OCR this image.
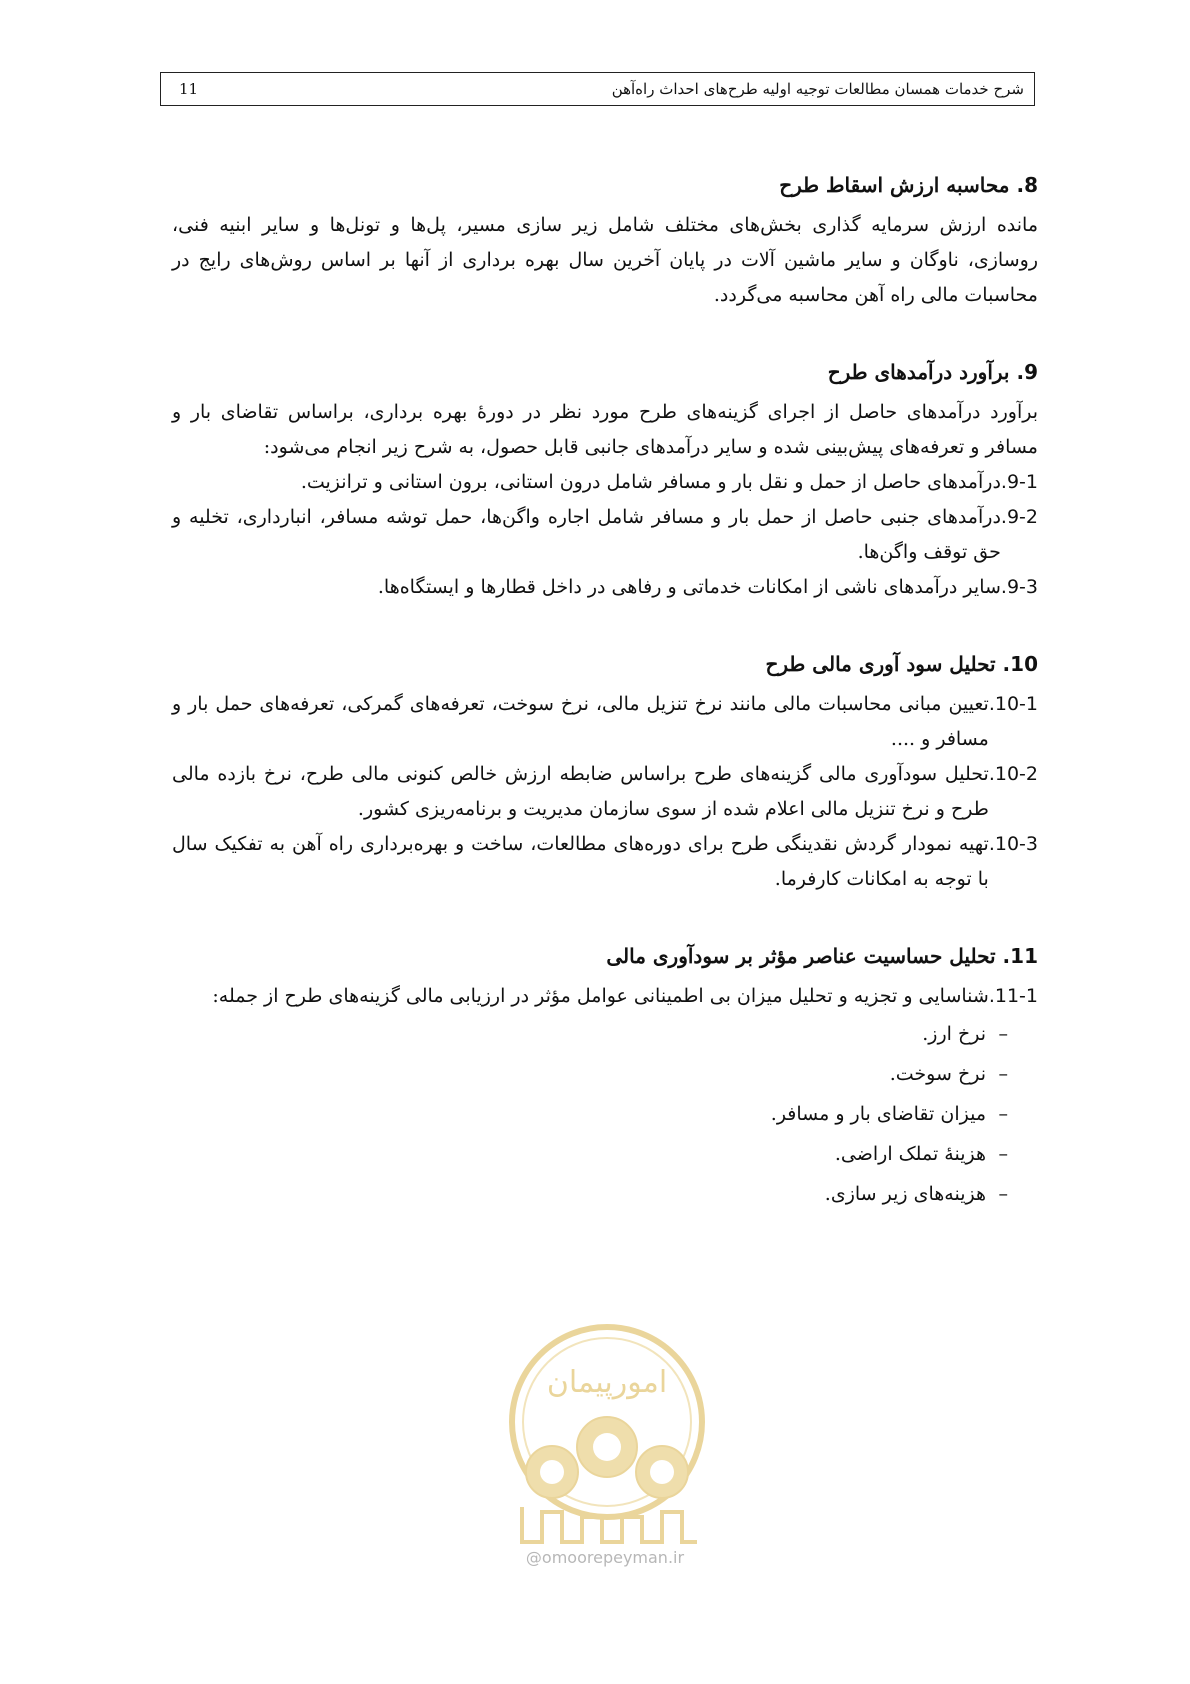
11	شرح خدمات همسان مطالعات توجیه اولیه طرح‌های احداث راه‌آهن
8. محاسبه ارزش اسقاط طرح

مانده ارزش سرمایه گذاری بخش‌های مختلف شامل زیر سازی مسیر، پل‌ها و تونل‌ها و سایر ابنیه فنی، روسازی، ناوگان و سایر ماشین آلات در پایان آخرین سال بهره برداری از آنها بر اساس روش‌های رایج در محاسبات مالی راه آهن محاسبه می‌گردد.

9. برآورد درآمدهای طرح

برآورد درآمدهای حاصل از اجرای گزینه‌های طرح مورد نظر در دورۀ بهره برداری، براساس تقاضای بار و مسافر و تعرفه‌های پیش‌بینی شده و سایر درآمدهای جانبی قابل حصول، به شرح زیر انجام می‌شود:

9-1.
درآمدهای حاصل از حمل و نقل بار و مسافر شامل درون استانی، برون استانی و ترانزیت.
9-2.
درآمدهای جنبی حاصل از حمل بار و مسافر شامل اجاره واگن‌ها، حمل توشه مسافر، انبارداری، تخلیه و حق توقف واگن‌ها.
9-3.
سایر درآمدهای ناشی از امکانات خدماتی و رفاهی در داخل قطارها و ایستگاه‌ها.
10. تحلیل سود آوری مالی طرح
10-1.
تعیین مبانی محاسبات مالی مانند نرخ تنزیل مالی، نرخ سوخت، تعرفه‌های گمرکی، تعرفه‌های حمل بار و مسافر و ....
10-2.
تحلیل سودآوری مالی گزینه‌های طرح براساس ضابطه ارزش خالص کنونی مالی طرح، نرخ بازده مالی طرح و نرخ تنزیل مالی اعلام شده از سوی سازمان مدیریت و برنامه‌ریزی کشور.
10-3.
تهیه نمودار گردش نقدینگی طرح برای دوره‌های مطالعات، ساخت و بهره‌برداری راه آهن به تفکیک سال با توجه به امکانات کارفرما.
11. تحلیل حساسیت عناصر مؤثر بر سودآوری مالی
11-1.
شناسایی و تجزیه و تحلیل میزان بی اطمینانی عوامل مؤثر در ارزیابی مالی گزینه‌های طرح از جمله:
–نرخ ارز.
–نرخ سوخت.
–میزان تقاضای بار و مسافر.
–هزینۀ تملک اراضی.
–هزینه‌های زیر سازی.
امورپیمان
@omoorepeyman.ir
